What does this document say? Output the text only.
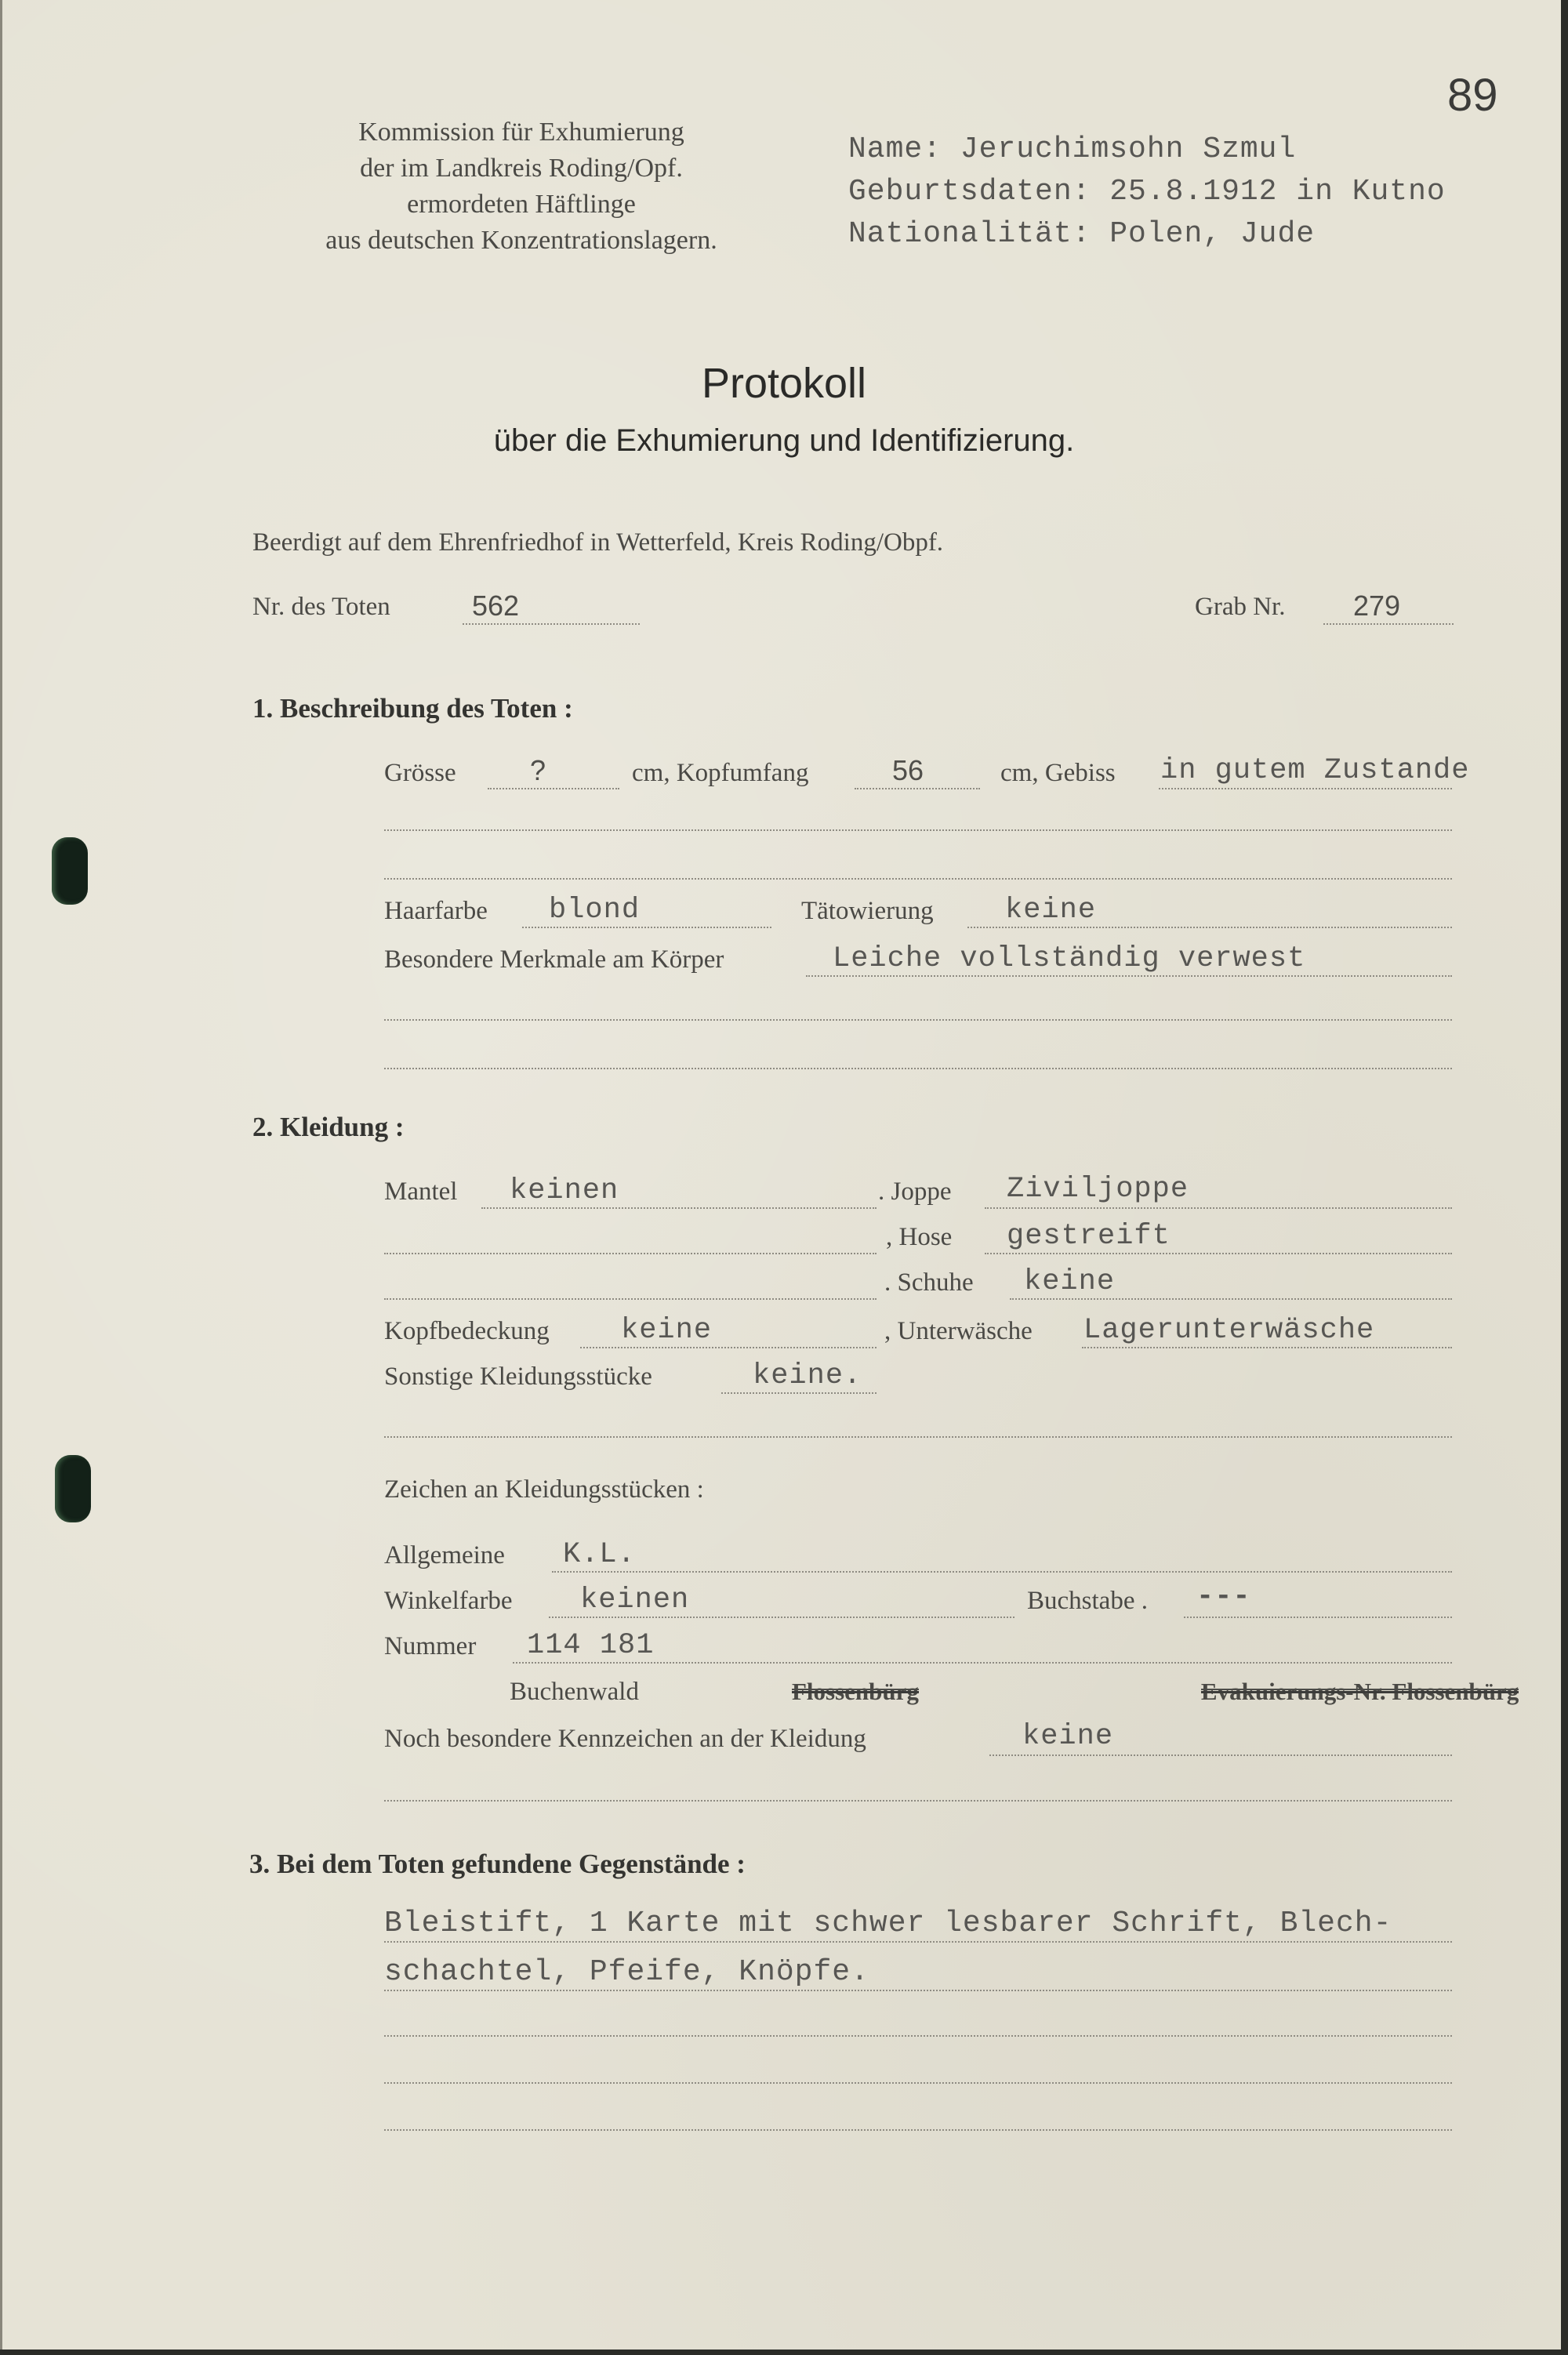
89
Kommission für Exhumierung
der im Landkreis Roding/Opf.
ermordeten Häftlinge
aus deutschen Konzentrationslagern.
Name: Jeruchimsohn Szmul
Geburtsdaten: 25.8.1912 in Kutno
Nationalität: Polen, Jude
Protokoll
über die Exhumierung und Identifizierung.
Beerdigt auf dem Ehrenfriedhof in Wetterfeld, Kreis Roding/Obpf.
Nr. des Toten	562	Grab Nr. 279
1. Beschreibung des Toten :
Grösse	?	cm, Kopfumfang	56	cm, Gebiss in gutem Zustande
Haarfarbe blond	Tätowierung keine
Besondere Merkmale am Körper	Leiche vollständig verwest
2. Kleidung :
Mantel keinen	. Joppe Ziviljoppe
, Hose gestreift
. Schuhe keine
Kopfbedeckung keine	, Unterwäsche Lagerunterwäsche
Sonstige Kleidungsstücke	keine.
Zeichen an Kleidungsstücken :
Allgemeine K.L.
Winkelfarbe keinen	Buchstabe . ---
Nummer 114 181
Buchenwald	Flossenbürg	Evakuierungs-Nr. Flossenbürg
Noch besondere Kennzeichen an der Kleidung	keine
3. Bei dem Toten gefundene Gegenstände :
Bleistift, 1 Karte mit schwer lesbarer Schrift, Blech-
schachtel, Pfeife, Knöpfe.
